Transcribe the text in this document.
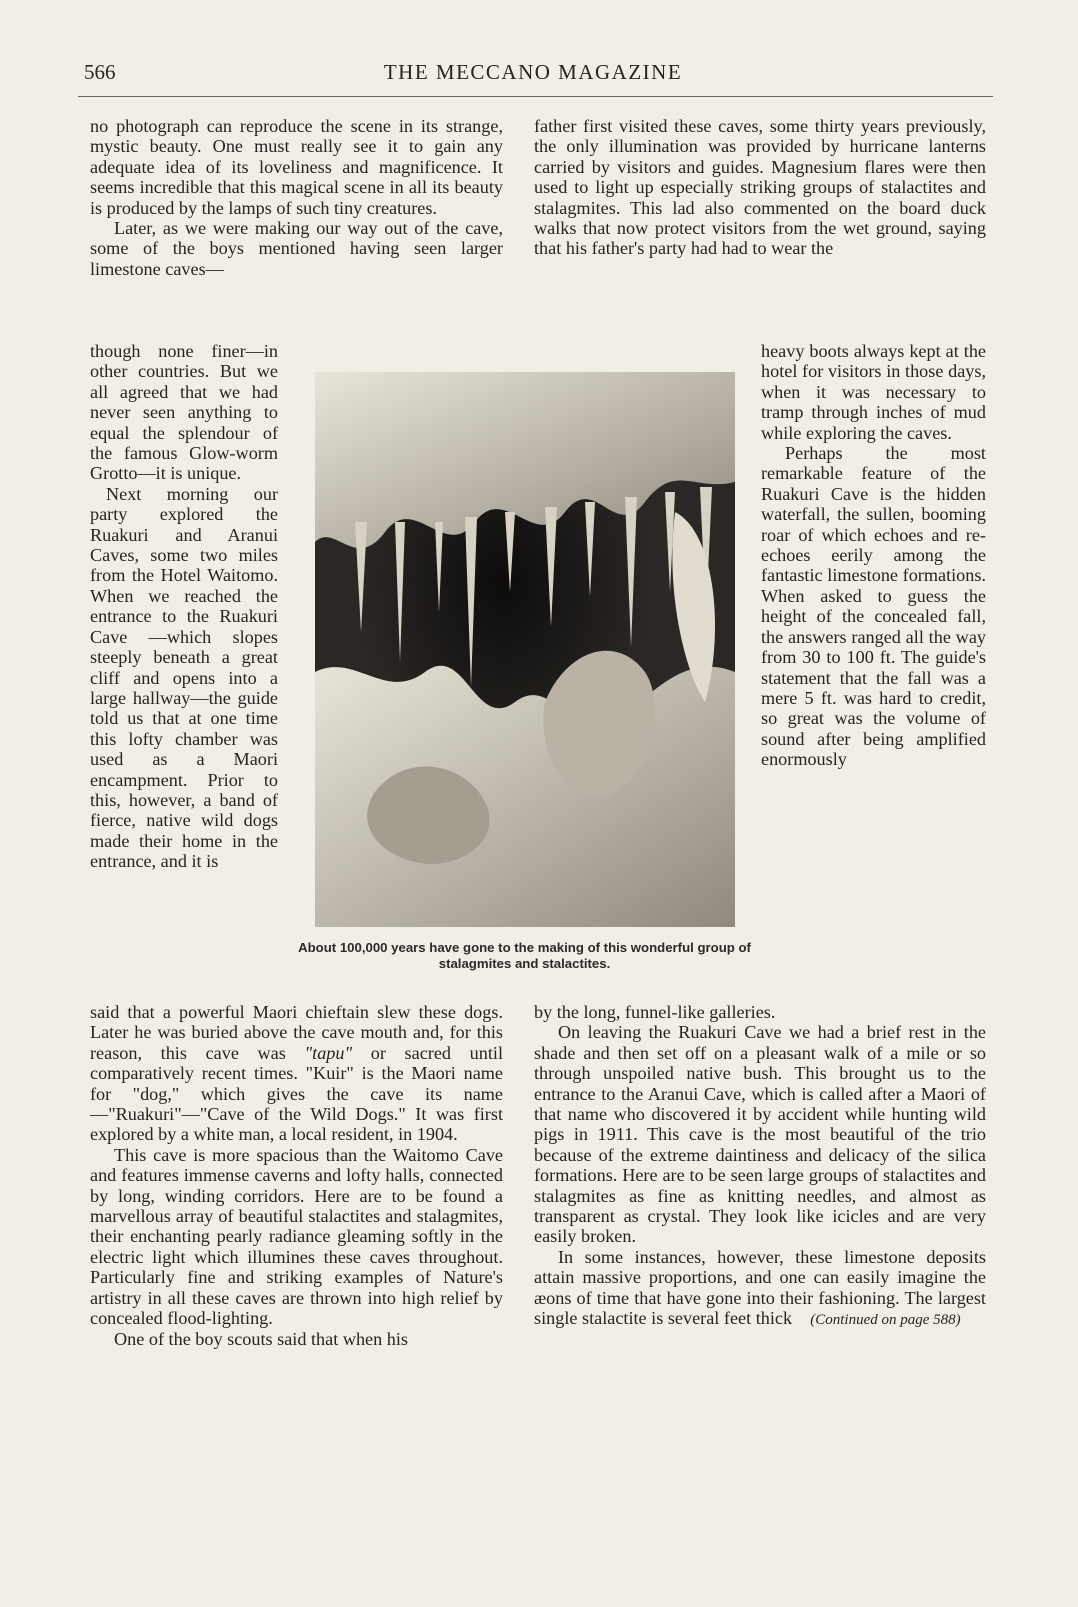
566	THE MECCANO MAGAZINE

no photograph can reproduce the scene in its strange, mystic beauty. One must really see it to gain any adequate idea of its loveliness and magnificence. It seems incredible that this magical scene in all its beauty is produced by the lamps of such tiny creatures.

Later, as we were making our way out of the cave, some of the boys mentioned having seen larger limestone caves—

though none finer—in other countries. But we all agreed that we had never seen anything to equal the splendour of the famous Glow-worm Grotto—it is unique.

Next morning our party explored the Ruakuri and Aranui Caves, some two miles from the Hotel Waitomo. When we reached the entrance to the Ruakuri Cave —which slopes steeply beneath a great cliff and opens into a large hallway—the guide told us that at one time this lofty chamber was used as a Maori encampment. Prior to this, however, a band of fierce, native wild dogs made their home in the entrance, and it is

father first visited these caves, some thirty years previously, the only illumination was provided by hurricane lanterns carried by visitors and guides. Magnesium flares were then used to light up especially striking groups of stalactites and stalagmites. This lad also commented on the board duck walks that now protect visitors from the wet ground, saying that his father's party had had to wear the

heavy boots always kept at the hotel for visitors in those days, when it was necessary to tramp through inches of mud while exploring the caves.

Perhaps the most remarkable feature of the Ruakuri Cave is the hidden waterfall, the sullen, booming roar of which echoes and re-echoes eerily among the fantastic limestone formations. When asked to guess the height of the concealed fall, the answers ranged all the way from 30 to 100 ft. The guide's statement that the fall was a mere 5 ft. was hard to credit, so great was the volume of sound after being amplified enormously

About 100,000 years have gone to the making of this wonderful group of stalagmites and stalactites.

said that a powerful Maori chieftain slew these dogs. Later he was buried above the cave mouth and, for this reason, this cave was "tapu" or sacred until comparatively recent times. "Kuir" is the Maori name for "dog," which gives the cave its name—"Ruakuri"—"Cave of the Wild Dogs." It was first explored by a white man, a local resident, in 1904.

This cave is more spacious than the Waitomo Cave and features immense caverns and lofty halls, connected by long, winding corridors. Here are to be found a marvellous array of beautiful stalactites and stalagmites, their enchanting pearly radiance gleaming softly in the electric light which illumines these caves throughout. Particularly fine and striking examples of Nature's artistry in all these caves are thrown into high relief by concealed flood-lighting.

One of the boy scouts said that when his

by the long, funnel-like galleries.

On leaving the Ruakuri Cave we had a brief rest in the shade and then set off on a pleasant walk of a mile or so through unspoiled native bush. This brought us to the entrance to the Aranui Cave, which is called after a Maori of that name who discovered it by accident while hunting wild pigs in 1911. This cave is the most beautiful of the trio because of the extreme daintiness and delicacy of the silica formations. Here are to be seen large groups of stalactites and stalagmites as fine as knitting needles, and almost as transparent as crystal. They look like icicles and are very easily broken.

In some instances, however, these limestone deposits attain massive proportions, and one can easily imagine the æons of time that have gone into their fashioning. The largest single stalactite is several feet thick (Continued on page 588)
